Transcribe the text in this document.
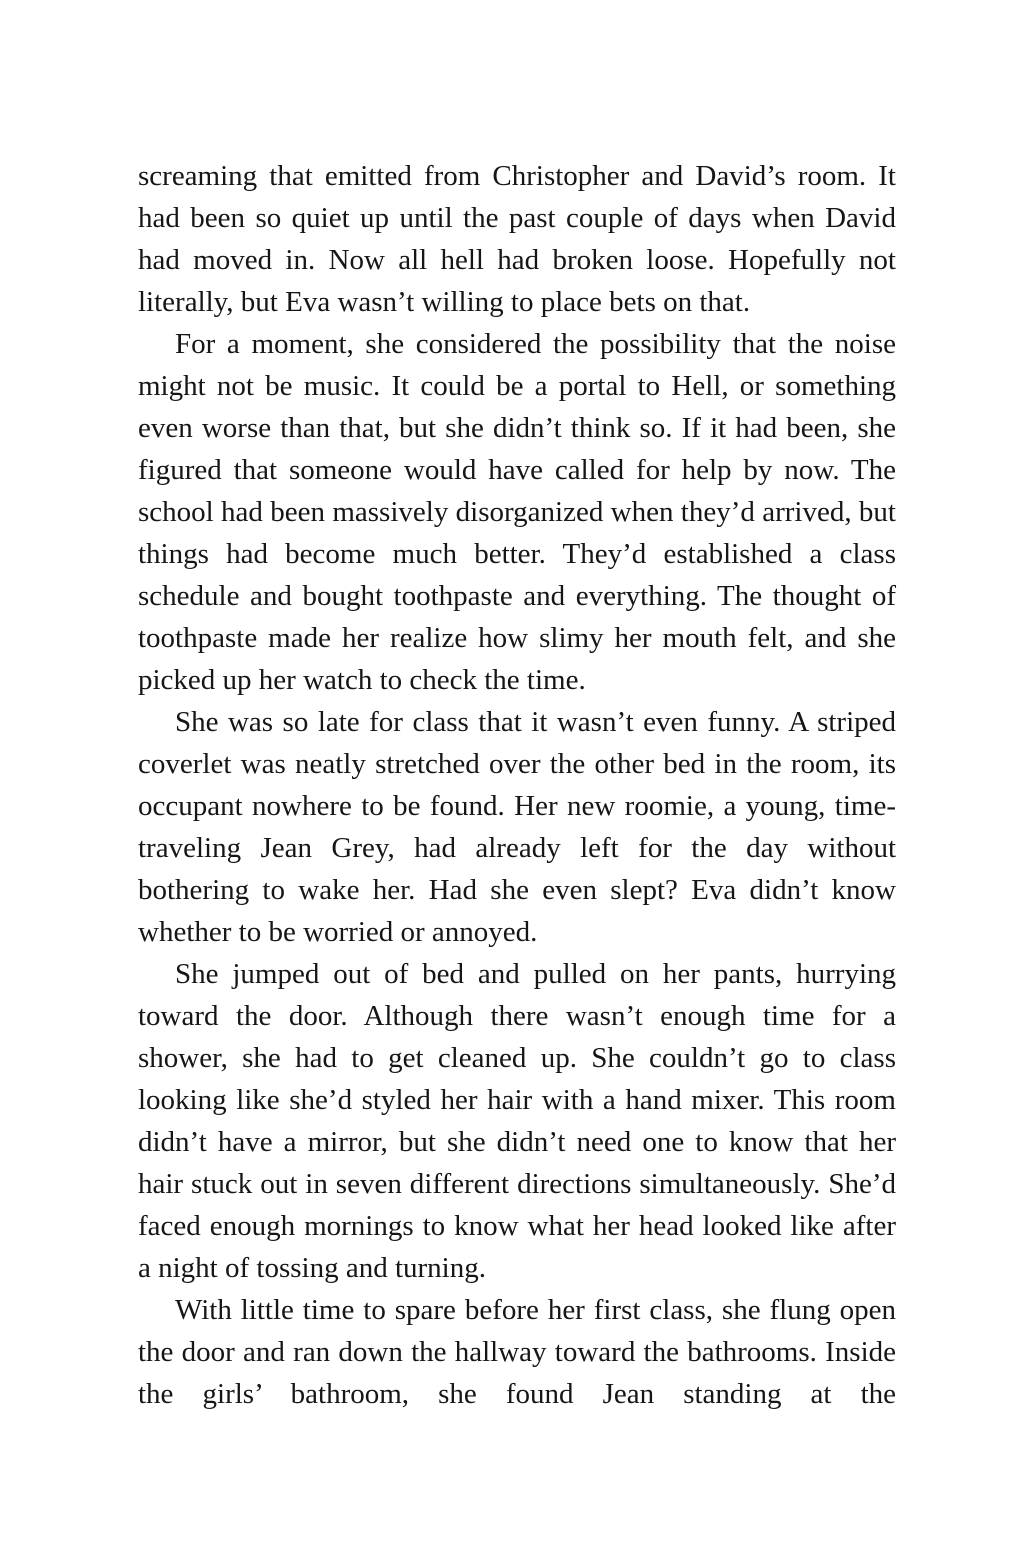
screaming that emitted from Christopher and David’s room. It had been so quiet up until the past couple of days when David had moved in. Now all hell had broken loose. Hopefully not literally, but Eva wasn’t willing to place bets on that.

For a moment, she considered the possibility that the noise might not be music. It could be a portal to Hell, or something even worse than that, but she didn’t think so. If it had been, she figured that someone would have called for help by now. The school had been massively disorganized when they’d arrived, but things had become much better. They’d established a class schedule and bought toothpaste and everything. The thought of toothpaste made her realize how slimy her mouth felt, and she picked up her watch to check the time.

She was so late for class that it wasn’t even funny. A striped coverlet was neatly stretched over the other bed in the room, its occupant nowhere to be found. Her new roomie, a young, time-traveling Jean Grey, had already left for the day without bothering to wake her. Had she even slept? Eva didn’t know whether to be worried or annoyed.

She jumped out of bed and pulled on her pants, hurrying toward the door. Although there wasn’t enough time for a shower, she had to get cleaned up. She couldn’t go to class looking like she’d styled her hair with a hand mixer. This room didn’t have a mirror, but she didn’t need one to know that her hair stuck out in seven different directions simultaneously. She’d faced enough mornings to know what her head looked like after a night of tossing and turning.

With little time to spare before her first class, she flung open the door and ran down the hallway toward the bathrooms. Inside the girls’ bathroom, she found Jean standing at the
